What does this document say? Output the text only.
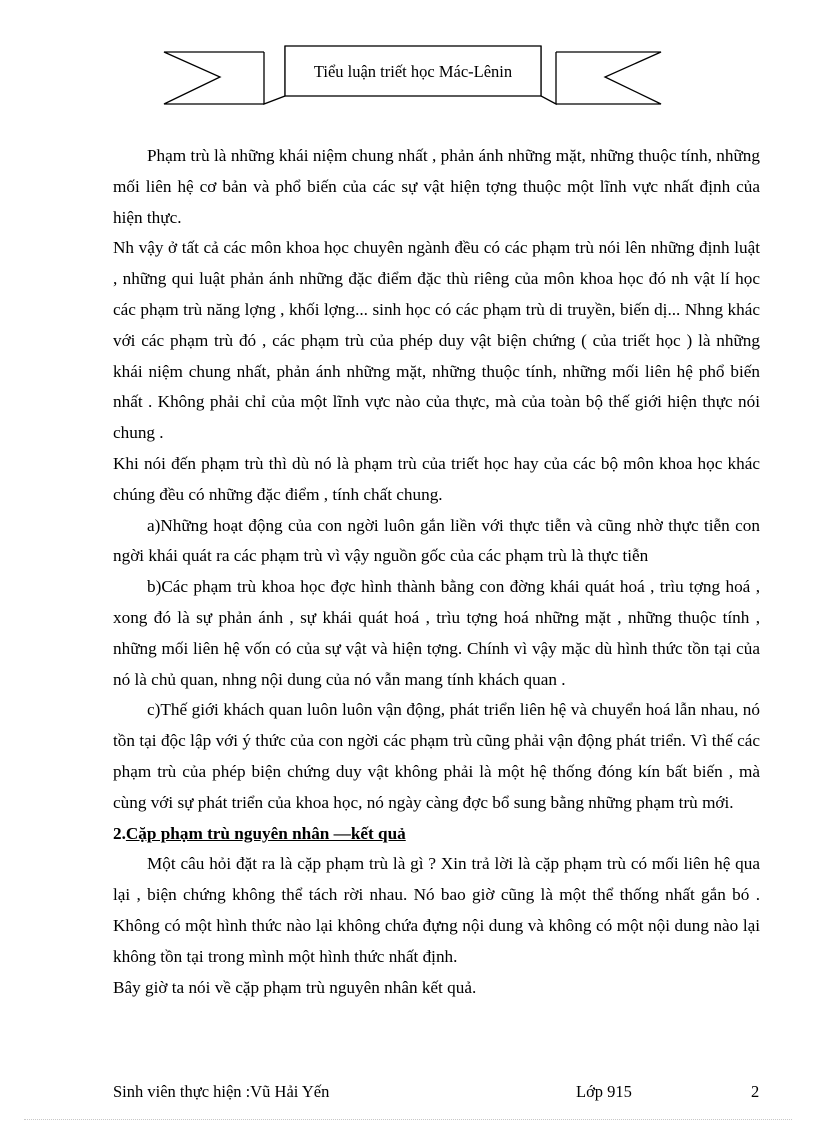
Tiểu luận triết học Mác-Lênin

Phạm trù là những khái niệm chung nhất , phản ánh những mặt, những thuộc tính, những mối liên hệ cơ bản và phổ biến của các sự vật hiện tợng thuộc một lĩnh vực nhất định của hiện thực.

Nh vậy ở tất cả các môn khoa học chuyên ngành đều có các phạm trù nói lên những định luật , những qui luật phản ánh những đặc điểm đặc thù riêng của môn khoa học đó nh vật lí học các phạm trù năng lợng , khối lợng... sinh học có các phạm trù di truyền, biến dị... Nhng khác với các phạm trù đó , các phạm trù của phép duy vật biện chứng ( của triết học ) là những khái niệm chung nhất, phản ánh những mặt, những thuộc tính, những mối liên hệ phổ biến nhất . Không phải chỉ của một lĩnh vực nào của thực, mà của toàn bộ thế giới hiện thực nói chung .

Khi nói đến phạm trù thì dù nó là phạm trù của triết học hay của các bộ môn khoa học khác chúng đều có những đặc điểm , tính chất chung.

a)Những hoạt động của con ngời luôn gắn liền với thực tiễn và cũng nhờ thực tiễn con ngời khái quát ra các phạm trù vì vậy nguồn gốc của các phạm trù là thực tiễn

b)Các phạm trù khoa học đợc hình thành bằng con đờng khái quát hoá , trìu tợng hoá , xong đó là sự phản ánh , sự khái quát hoá , trìu tợng hoá những mặt , những thuộc tính , những mối liên hệ vốn có của sự vật và hiện tợng. Chính vì vậy mặc dù hình thức tồn tại của nó là chủ quan, nhng nội dung của nó vẫn mang tính khách quan .

c)Thế giới khách quan luôn luôn vận động, phát triển liên hệ và chuyển hoá lẫn nhau, nó tồn tại độc lập với ý thức của con ngời các phạm trù cũng phải vận động phát triển. Vì thế các phạm trù của phép biện chứng duy vật không phải là một hệ thống đóng kín bất biến , mà cùng với sự phát triển của khoa học, nó ngày càng đợc bổ sung bằng những phạm trù mới.

2.Cặp phạm trù nguyên nhân —kết quả

Một câu hỏi đặt ra là cặp phạm trù là gì ? Xin trả lời là cặp phạm trù có mối liên hệ qua lại , biện chứng không thể tách rời nhau. Nó bao giờ cũng là một thể thống nhất gắn bó . Không có một hình thức nào lại không chứa đựng nội dung và không có một nội dung nào lại không tồn tại trong mình một hình thức nhất định.

Bây giờ ta nói về cặp phạm trù nguyên nhân kết quả.

Sinh viên thực hiện :Vũ Hải Yến	Lớp 915	2
